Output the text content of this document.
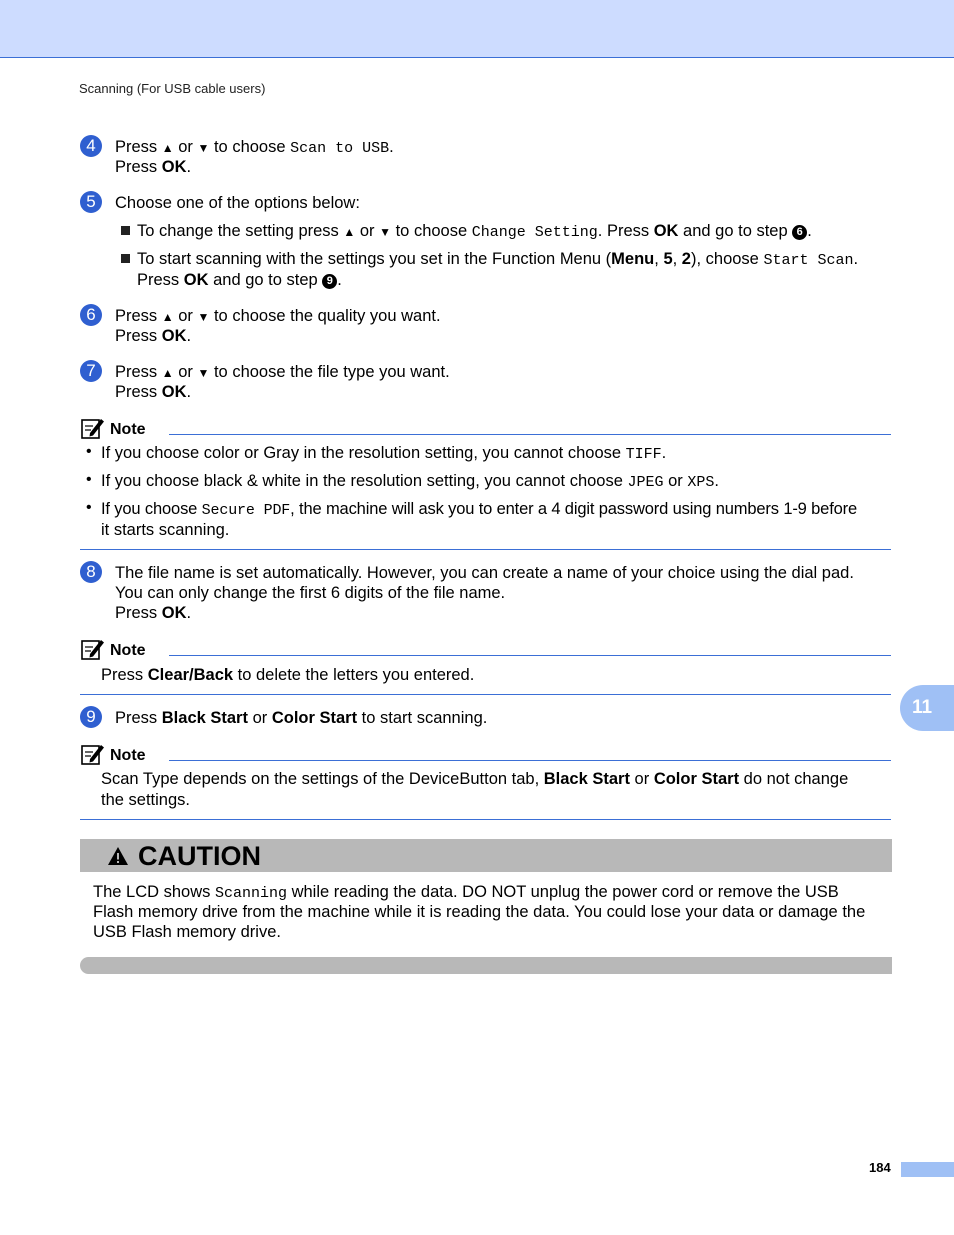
Scanning (For USB cable users)
4	Press ▲ or ▼ to choose Scan to USB.
Press OK.
5	Choose one of the options below:
To change the setting press ▲ or ▼ to choose Change Setting. Press OK and go to step 6 .
To start scanning with the settings you set in the Function Menu (Menu, 5, 2), choose Start Scan.
Press OK and go to step 9 .
6	Press ▲ or ▼ to choose the quality you want.
Press OK.
7	Press ▲ or ▼ to choose the file type you want.
Press OK.
Note
• If you choose color or Gray in the resolution setting, you cannot choose TIFF.
• If you choose black & white in the resolution setting, you cannot choose JPEG or XPS.
• If you choose Secure PDF, the machine will ask you to enter a 4 digit password using numbers 1-9 before
it starts scanning.
8	The file name is set automatically. However, you can create a name of your choice using the dial pad.
You can only change the first 6 digits of the file name.
Press OK.
Note
Press Clear/Back to delete the letters you entered.
11
9	Press Black Start or Color Start to start scanning.
Note
Scan Type depends on the settings of the DeviceButton tab, Black Start or Color Start do not change
the settings.
CAUTION
The LCD shows Scanning while reading the data. DO NOT unplug the power cord or remove the USB
Flash memory drive from the machine while it is reading the data. You could lose your data or damage the
USB Flash memory drive.
184
